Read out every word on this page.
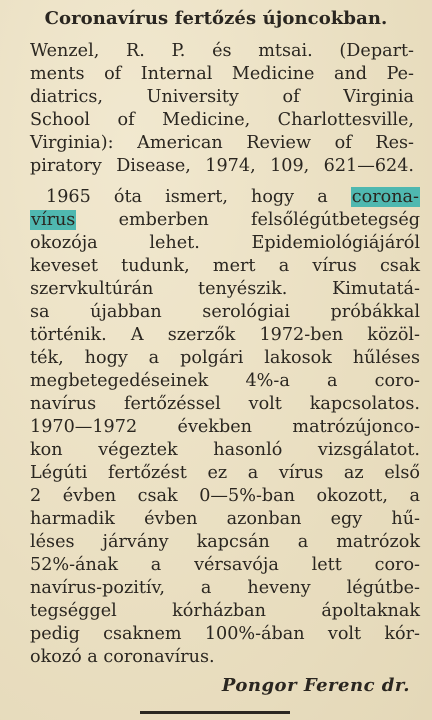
Coronavírus fertőzés újoncokban.
Wenzel, R. P. és mtsai. (Depart-
ments of Internal Medicine and Pe-
diatrics, University of Virginia
School of Medicine, Charlottesville,
Virginia): American Review of Res-
piratory Disease, 1974, 109, 621—624.
1965 óta ismert, hogy a corona-
vírus emberben felsőlégútbetegség
okozója lehet. Epidemiológiájáról
keveset tudunk, mert a vírus csak
szervkultúrán tenyészik. Kimutatá-
sa újabban serológiai próbákkal
történik. A szerzők 1972-ben közöl-
ték, hogy a polgári lakosok hűléses
megbetegedéseinek 4%-a a coro-
navírus fertőzéssel volt kapcsolatos.
1970—1972 években matrózújonco-
kon végeztek hasonló vizsgálatot.
Légúti fertőzést ez a vírus az első
2 évben csak 0—5%-ban okozott, a
harmadik évben azonban egy hű-
léses járvány kapcsán a matrózok
52%-ának a vérsavója lett coro-
navírus-pozitív, a heveny légútbe-
tegséggel kórházban ápoltaknak
pedig csaknem 100%-ában volt kór-
okozó a coronavírus.
Pongor Ferenc dr.
